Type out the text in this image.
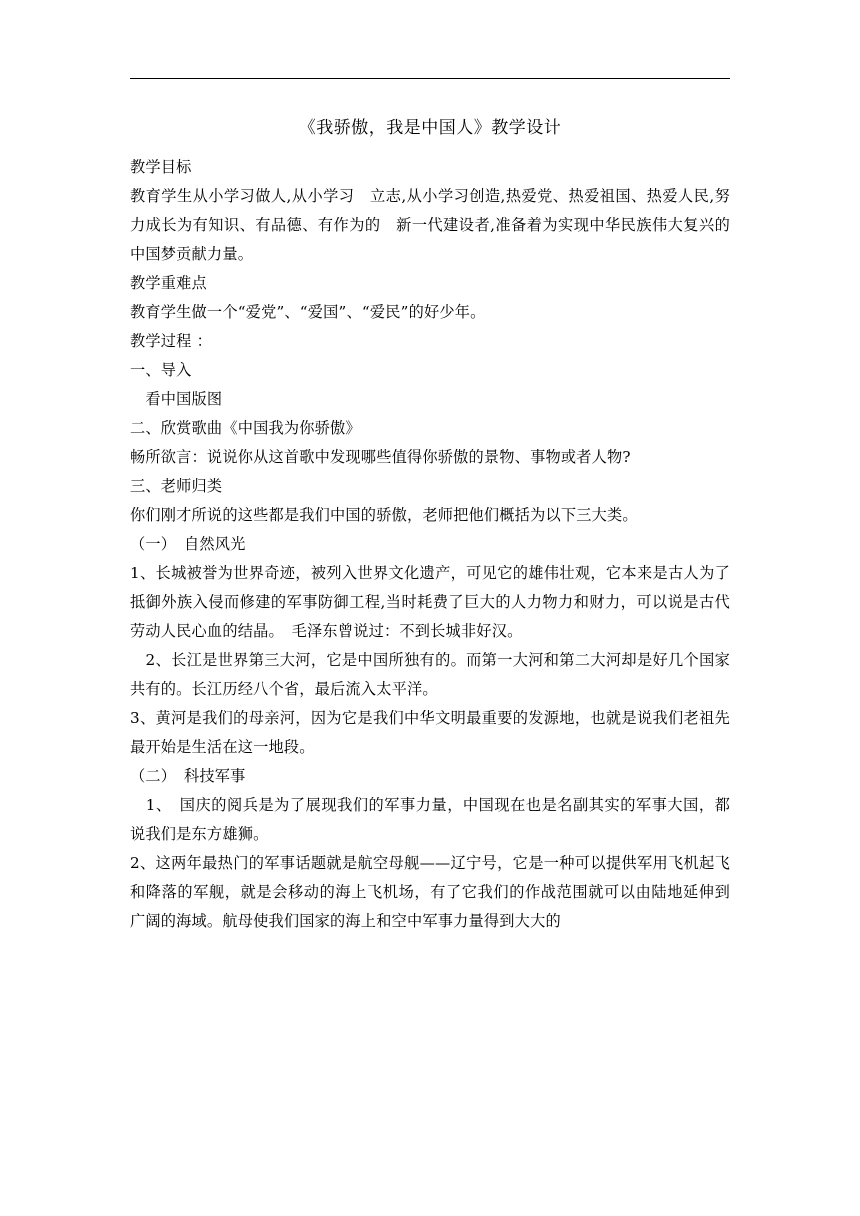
《我骄傲，我是中国人》教学设计

教学目标

教育学生从小学习做人,从小学习　立志,从小学习创造,热爱党、热爱祖国、热爱人民,努力成长为有知识、有品德、有作为的　新一代建设者,准备着为实现中华民族伟大复兴的中国梦贡献力量。

教学重难点

教育学生做一个“爱党”、“爱国”、“爱民”的好少年。

教学过程 ：

一、导入

　看中国版图

二、欣赏歌曲《中国我为你骄傲》

畅所欲言：说说你从这首歌中发现哪些值得你骄傲的景物、事物或者人物?

三、老师归类

你们刚才所说的这些都是我们中国的骄傲，老师把他们概括为以下三大类。

（一）　自然风光

1、长城被誉为世界奇迹，被列入世界文化遗产，可见它的雄伟壮观，它本来是古人为了抵御外族入侵而修建的军事防御工程,当时耗费了巨大的人力物力和财力，可以说是古代劳动人民心血的结晶。　毛泽东曾说过：不到长城非好汉。

　2、长江是世界第三大河，它是中国所独有的。而第一大河和第二大河却是好几个国家共有的。长江历经八个省，最后流入太平洋。

3、黄河是我们的母亲河，因为它是我们中华文明最重要的发源地，也就是说我们老祖先最开始是生活在这一地段。

（二）　科技军事

　1、　国庆的阅兵是为了展现我们的军事力量，中国现在也是名副其实的军事大国，都说我们是东方雄狮。

2、这两年最热门的军事话题就是航空母舰——辽宁号，它是一种可以提供军用飞机起飞和降落的军舰，就是会移动的海上飞机场，有了它我们的作战范围就可以由陆地延伸到广阔的海域。航母使我们国家的海上和空中军事力量得到大大的
